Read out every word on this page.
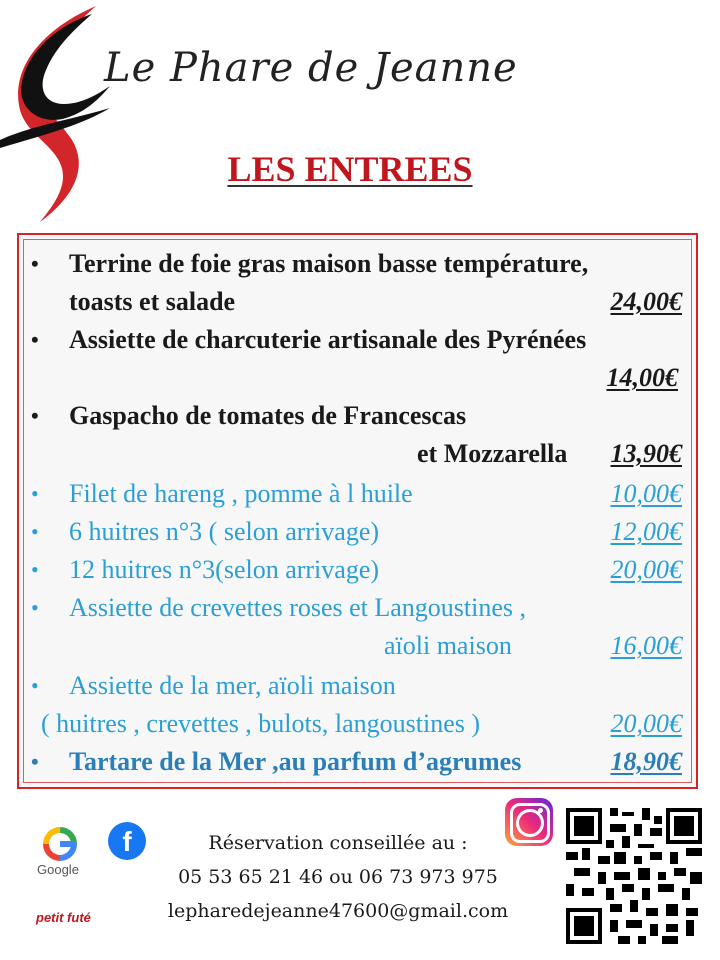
Le Phare de Jeanne
LES ENTREES
• Terrine de foie gras maison basse température,
toasts et salade	24,00€
• Assiette de charcuterie artisanale des Pyrénées
14,00€
• Gaspacho de tomates de Francescas
et Mozzarella 13,90€
• Filet de hareng , pomme à l huile	10,00€
• 6 huitres n°3 ( selon arrivage)	12,00€
• 12 huitres n°3(selon arrivage)	20,00€
• Assiette de crevettes roses et Langoustines ,
aïoli maison	16,00€
• Assiette de la mer, aïoli maison
( huitres , crevettes , bulots, langoustines )	20,00€
• Tartare de la Mer ,au parfum d’agrumes	18,90€
Google
f
petit futé
Réservation conseillée au :
05 53 65 21 46 ou 06 73 973 975
lepharedejeanne47600@gmail.com
